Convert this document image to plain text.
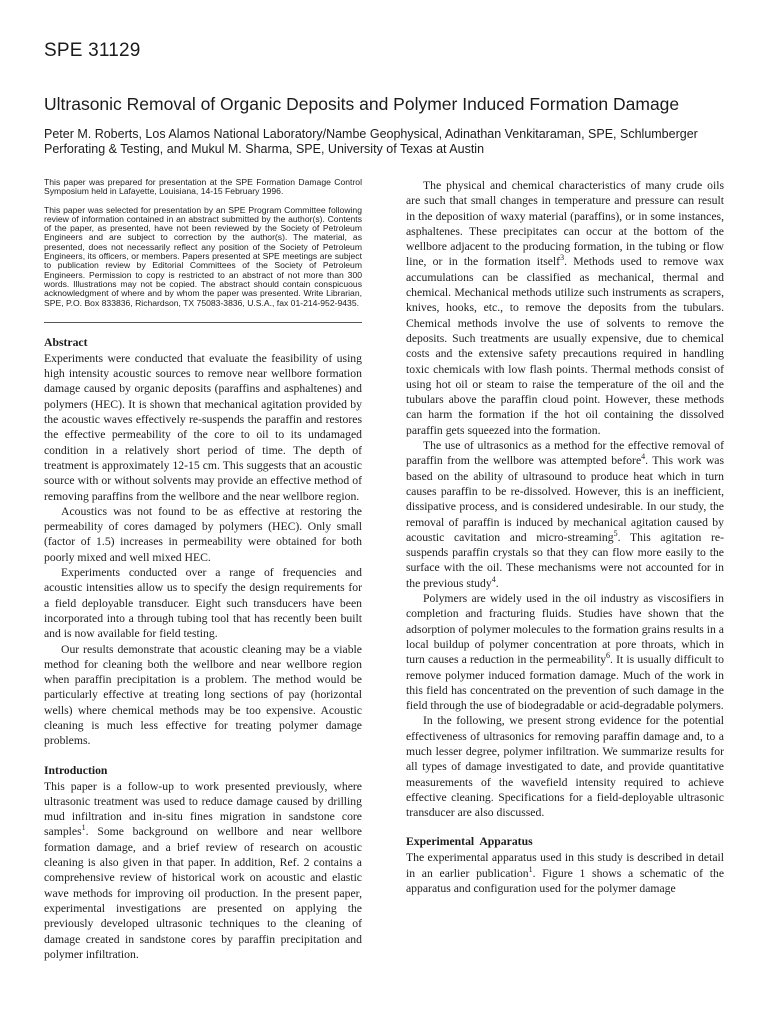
SPE 31129
Ultrasonic Removal of Organic Deposits and Polymer Induced Formation Damage
Peter M. Roberts, Los Alamos National Laboratory/Nambe Geophysical, Adinathan Venkitaraman, SPE, Schlumberger
Perforating & Testing, and Mukul M. Sharma, SPE, University of Texas at Austin

This paper was prepared for presentation at the SPE Formation Damage Control Symposium held in Lafayette, Louisiana, 14-15 February 1996.

This paper was selected for presentation by an SPE Program Committee following review of information contained in an abstract submitted by the author(s). Contents of the paper, as presented, have not been reviewed by the Society of Petroleum Engineers and are subject to correction by the author(s). The material, as presented, does not necessarily reflect any position of the Society of Petroleum Engineers, its officers, or members. Papers presented at SPE meetings are subject to publication review by Editorial Committees of the Society of Petroleum Engineers. Permission to copy is restricted to an abstract of not more than 300 words. Illustrations may not be copied. The abstract should contain conspicuous acknowledgment of where and by whom the paper was presented. Write Librarian, SPE, P.O. Box 833836, Richardson, TX 75083-3836, U.S.A., fax 01-214-952-9435.

Abstract

Experiments were conducted that evaluate the feasibility of using high intensity acoustic sources to remove near wellbore formation damage caused by organic deposits (paraffins and asphaltenes) and polymers (HEC). It is shown that mechanical agitation provided by the acoustic waves effectively re-suspends the paraffin and restores the effective permeability of the core to oil to its undamaged condition in a relatively short period of time. The depth of treatment is approximately 12-15 cm. This suggests that an acoustic source with or without solvents may provide an effective method of removing paraffins from the wellbore and the near wellbore region.

Acoustics was not found to be as effective at restoring the permeability of cores damaged by polymers (HEC). Only small (factor of 1.5) increases in permeability were obtained for both poorly mixed and well mixed HEC.

Experiments conducted over a range of frequencies and acoustic intensities allow us to specify the design requirements for a field deployable transducer. Eight such transducers have been incorporated into a through tubing tool that has recently been built and is now available for field testing.

Our results demonstrate that acoustic cleaning may be a viable method for cleaning both the wellbore and near wellbore region when paraffin precipitation is a problem. The method would be particularly effective at treating long sections of pay (horizontal wells) where chemical methods may be too expensive. Acoustic cleaning is much less effective for treating polymer damage problems.

Introduction

This paper is a follow-up to work presented previously, where ultrasonic treatment was used to reduce damage caused by drilling mud infiltration and in-situ fines migration in sandstone core samples$^1$. Some background on wellbore and near wellbore formation damage, and a brief review of research on acoustic cleaning is also given in that paper. In addition, Ref. 2 contains a comprehensive review of historical work on acoustic and elastic wave methods for improving oil production. In the present paper, experimental investigations are presented on applying the previously developed ultrasonic techniques to the cleaning of damage created in sandstone cores by paraffin precipitation and polymer infiltration.

The physical and chemical characteristics of many crude oils are such that small changes in temperature and pressure can result in the deposition of waxy material (paraffins), or in some instances, asphaltenes. These precipitates can occur at the bottom of the wellbore adjacent to the producing formation, in the tubing or flow line, or in the formation itself$^3$. Methods used to remove wax accumulations can be classified as mechanical, thermal and chemical. Mechanical methods utilize such instruments as scrapers, knives, hooks, etc., to remove the deposits from the tubulars. Chemical methods involve the use of solvents to remove the deposits. Such treatments are usually expensive, due to chemical costs and the extensive safety precautions required in handling toxic chemicals with low flash points. Thermal methods consist of using hot oil or steam to raise the temperature of the oil and the tubulars above the paraffin cloud point. However, these methods can harm the formation if the hot oil containing the dissolved paraffin gets squeezed into the formation.

The use of ultrasonics as a method for the effective removal of paraffin from the wellbore was attempted before$^4$. This work was based on the ability of ultrasound to produce heat which in turn causes paraffin to be re-dissolved. However, this is an inefficient, dissipative process, and is considered undesirable. In our study, the removal of paraffin is induced by mechanical agitation caused by acoustic cavitation and micro-streaming$^5$. This agitation re-suspends paraffin crystals so that they can flow more easily to the surface with the oil. These mechanisms were not accounted for in the previous study$^4$.

Polymers are widely used in the oil industry as viscosifiers in completion and fracturing fluids. Studies have shown that the adsorption of polymer molecules to the formation grains results in a local buildup of polymer concentration at pore throats, which in turn causes a reduction in the permeability$^6$. It is usually difficult to remove polymer induced formation damage. Much of the work in this field has concentrated on the prevention of such damage in the field through the use of biodegradable or acid-degradable polymers.

In the following, we present strong evidence for the potential effectiveness of ultrasonics for removing paraffin damage and, to a much lesser degree, polymer infiltration. We summarize results for all types of damage investigated to date, and provide quantitative measurements of the wavefield intensity required to achieve effective cleaning. Specifications for a field-deployable ultrasonic transducer are also discussed.

Experimental  Apparatus

The experimental apparatus used in this study is described in detail in an earlier publication$^1$. Figure 1 shows a schematic of the apparatus and configuration used for the polymer damage
